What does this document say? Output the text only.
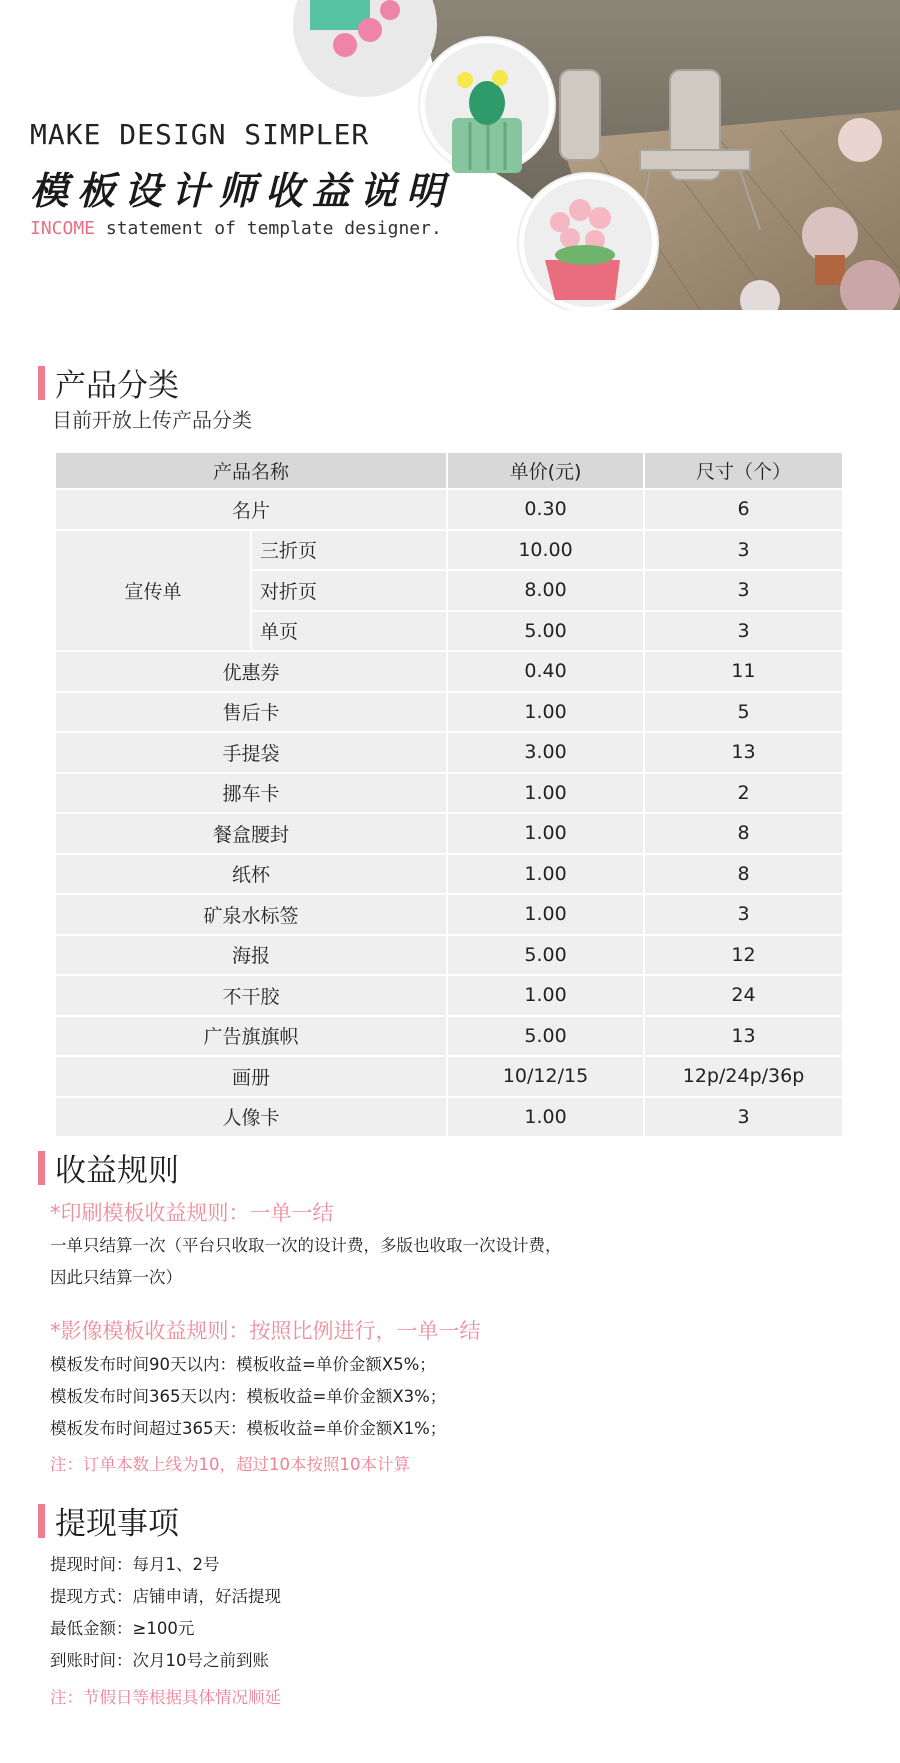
MAKE DESIGN SIMPLER
模板设计师收益说明
INCOME statement of template designer.
产品分类
目前开放上传产品分类
产品名称		单价(元)	尺寸（个）
名片		0.30	6
宣传单	三折页	10.00	3
	对折页	8.00	3
	单页	5.00	3
优惠券		0.40	11
售后卡		1.00	5
手提袋		3.00	13
挪车卡		1.00	2
餐盒腰封		1.00	8
纸杯		1.00	8
矿泉水标签		1.00	3
海报		5.00	12
不干胶		1.00	24
广告旗旗帜		5.00	13
画册		10/12/15	12p/24p/36p
人像卡		1.00	3
收益规则
*印刷模板收益规则：一单一结
一单只结算一次（平台只收取一次的设计费，多版也收取一次设计费，
因此只结算一次）
*影像模板收益规则：按照比例进行，一单一结
模板发布时间90天以内：模板收益=单价金额X5%；
模板发布时间365天以内：模板收益=单价金额X3%；
模板发布时间超过365天：模板收益=单价金额X1%；
注：订单本数上线为10，超过10本按照10本计算
提现事项
提现时间：每月1、2号
提现方式：店铺申请，好活提现
最低金额：≥100元
到账时间：次月10号之前到账
注：节假日等根据具体情况顺延
